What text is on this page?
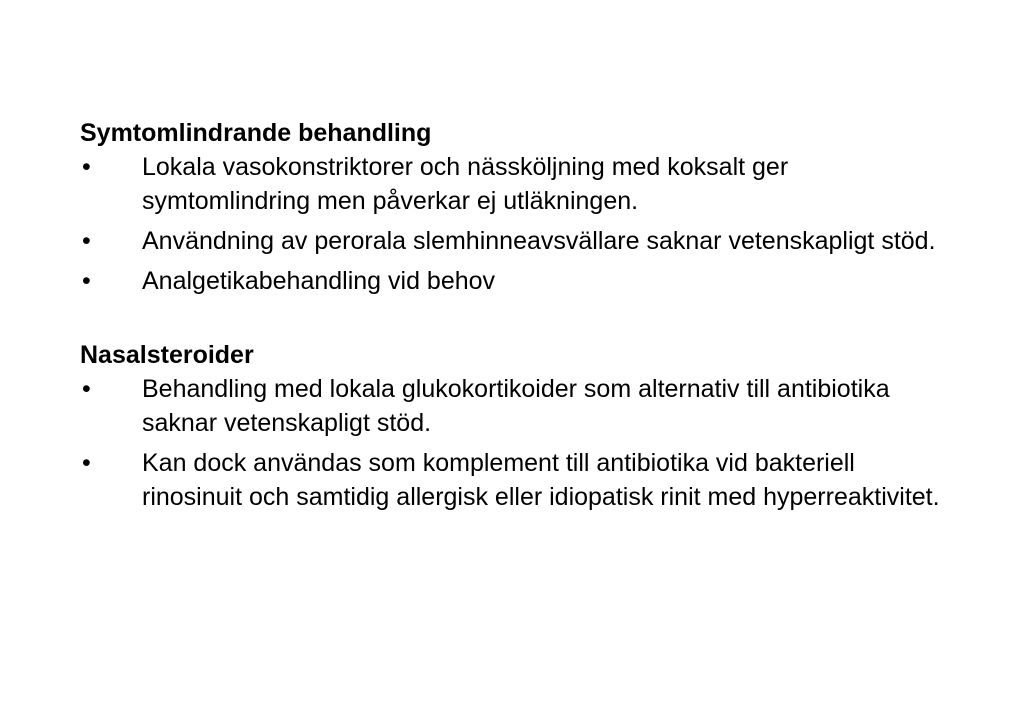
Symtomlindrande behandling
•	Lokala vasokonstriktorer och nässköljning med koksalt ger symtomlindring men påverkar ej utläkningen.
•	Användning av perorala slemhinneavsvällare saknar vetenskapligt stöd.
•	Analgetikabehandling vid behov
Nasalsteroider
•	Behandling med lokala glukokortikoider som alternativ till antibiotika saknar vetenskapligt stöd.
•	Kan dock användas som komplement till antibiotika vid bakteriell rinosinuit och samtidig allergisk eller idiopatisk rinit med hyperreaktivitet.
